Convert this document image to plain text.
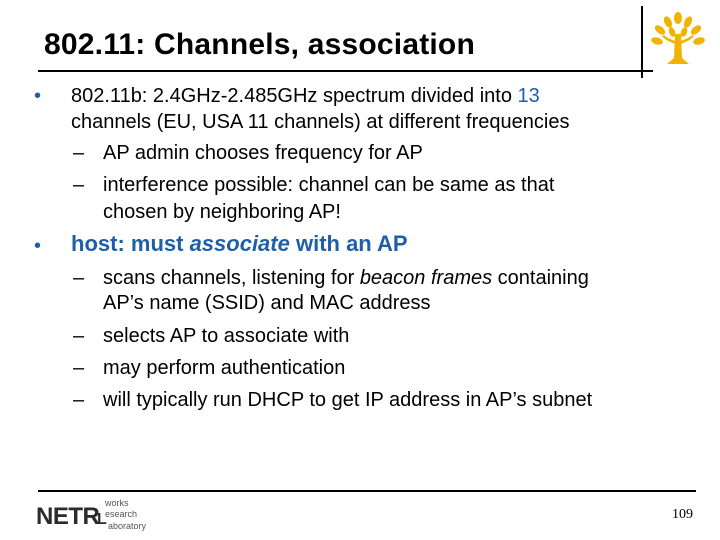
802.11: Channels, association
• 802.11b: 2.4GHz-2.485GHz spectrum divided into 13
channels (EU, USA 11 channels) at different frequencies
– AP admin chooses frequency for AP
– interference possible: channel can be same as that
chosen by neighboring AP!
• host: must associate with an AP
– scans channels, listening for beacon frames containing
AP’s name (SSID) and MAC address
– selects AP to associate with
– may perform authentication
– will typically run DHCP to get IP address in AP’s subnet
NETR works
esearch
L aboratory
109
